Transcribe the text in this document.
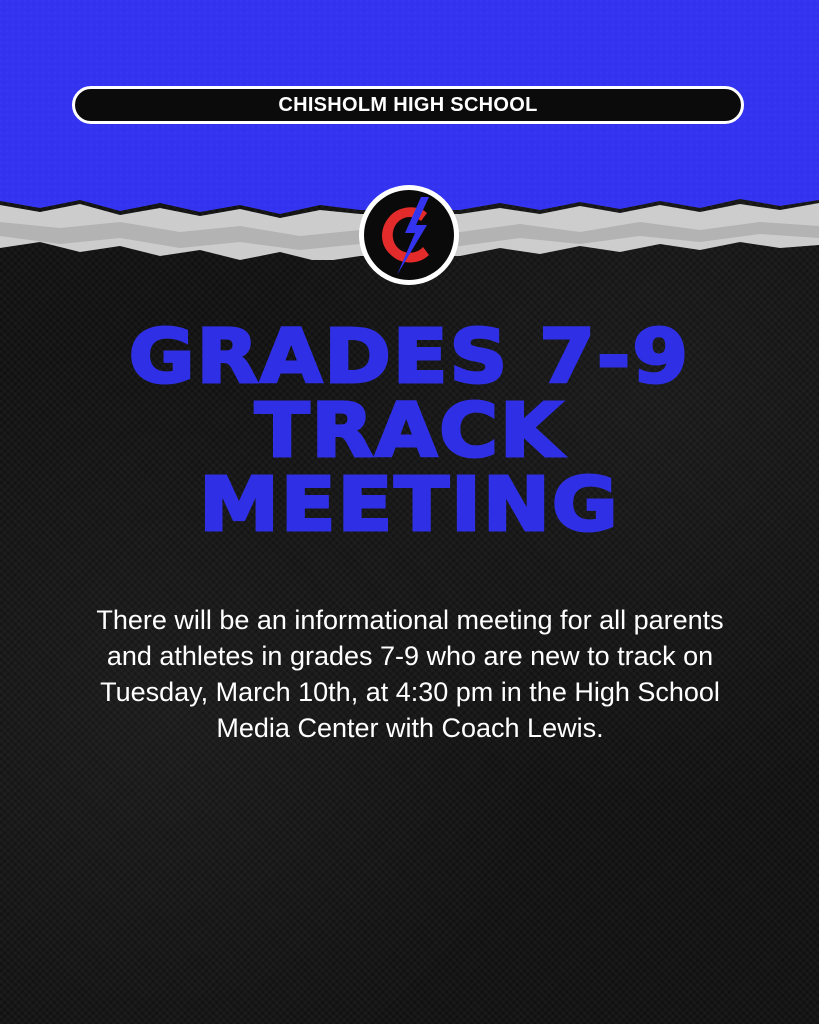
CHISHOLM HIGH SCHOOL
GRADES 7-9
TRACK
MEETING
There will be an informational meeting for all parents and athletes in grades 7-9 who are new to track on Tuesday, March 10th, at 4:30 pm in the High School Media Center with Coach Lewis.
